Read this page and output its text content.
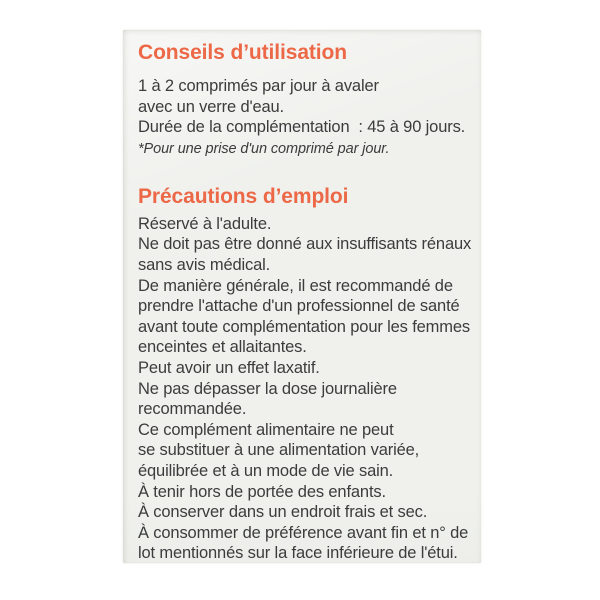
Conseils d’utilisation
1 à 2 comprimés par jour à avaler
avec un verre d'eau.
Durée de la complémentation  : 45 à 90 jours.
*Pour une prise d'un comprimé par jour.
Précautions d’emploi
Réservé à l'adulte.
Ne doit pas être donné aux insuffisants rénaux
sans avis médical.
De manière générale, il est recommandé de
prendre l'attache d'un professionnel de santé
avant toute complémentation pour les femmes
enceintes et allaitantes.
Peut avoir un effet laxatif.
Ne pas dépasser la dose journalière
recommandée.
Ce complément alimentaire ne peut
se substituer à une alimentation variée,
équilibrée et à un mode de vie sain.
À tenir hors de portée des enfants.
À conserver dans un endroit frais et sec.
À consommer de préférence avant fin et n° de
lot mentionnés sur la face inférieure de l'étui.
